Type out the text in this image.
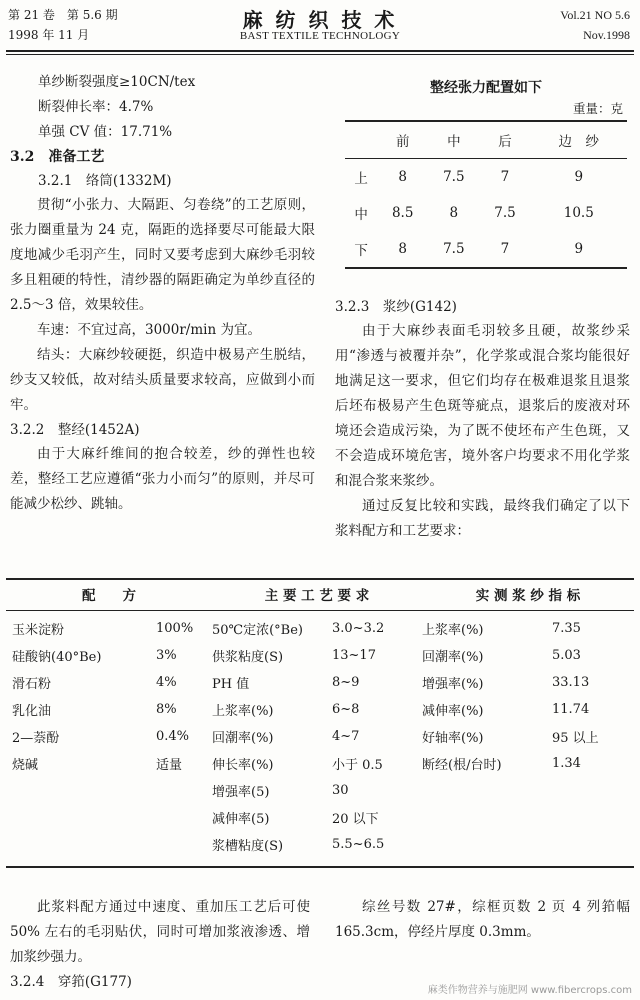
第 21 卷　第 5.6 期
1998 年 11 月
麻 纺 织 技 术
BAST TEXTILE TECHNOLOGY
Vol.21 NO 5.6
Nov.1998
单纱断裂强度≥10CN/tex
断裂伸长率：4.7%
单强 CV 值：17.71%
3.2　准备工艺
3.2.1　络筒(1332M)
贯彻“小张力、大隔距、匀卷绕”的工艺原则，张力圈重量为 24 克，隔距的选择要尽可能最大限度地减少毛羽产生，同时又要考虑到大麻纱毛羽较多且粗硬的特性，清纱器的隔距确定为单纱直径的 2.5～3 倍，效果较佳。
车速：不宜过高，3000r/min 为宜。
结头：大麻纱较硬挺，织造中极易产生脱结，纱支又较低，故对结头质量要求较高，应做到小而牢。
3.2.2　整经(1452A)
由于大麻纤维间的抱合较差，纱的弹性也较差，整经工艺应遵循“张力小而匀”的原则，并尽可能减少松纱、跳轴。
整经张力配置如下
重量：克
	前	中	后	边　纱
上	8	7.5	7	9
中	8.5	8	7.5	10.5
下	8	7.5	7	9
3.2.3　浆纱(G142)
由于大麻纱表面毛羽较多且硬，故浆纱采用“渗透与被覆并杂”，化学浆或混合浆均能很好地满足这一要求，但它们均存在极难退浆且退浆后坯布极易产生色斑等疵点，退浆后的废液对环境还会造成污染，为了既不使坯布产生色斑，又不会造成环境危害，境外客户均要求不用化学浆和混合浆来浆纱。
通过反复比较和实践，最终我们确定了以下浆料配方和工艺要求：
配　　方	主 要 工 艺 要 求	实 测 浆 纱 指 标
玉米淀粉	100%	50℃定浓(°Be)	3.0~3.2	上浆率(%)	7.35
硅酸钠(40°Be)	3%	供浆粘度(S)	13~17	回潮率(%)	5.03
滑石粉	4%	PH 值	8~9	增强率(%)	33.13
乳化油	8%	上浆率(%)	6~8	减伸率(%)	11.74
2—萘酚	0.4%	回潮率(%)	4~7	好轴率(%)	95 以上
烧碱	适量	伸长率(%)	小于 0.5	断经(根/台时)	1.34
		增强率(5)	30		
		减伸率(5)	20 以下		
		浆槽粘度(S)	5.5~6.5		
此浆料配方通过中速度、重加压工艺后可使 50% 左右的毛羽贴伏，同时可增加浆液渗透、增加浆纱强力。
3.2.4　穿筘(G177)
综丝号数 27#，综框页数 2 页 4 列筘幅 165.3cm，停经片厚度 0.3mm。
麻类作物营养与施肥网 www.fibercrops.com
